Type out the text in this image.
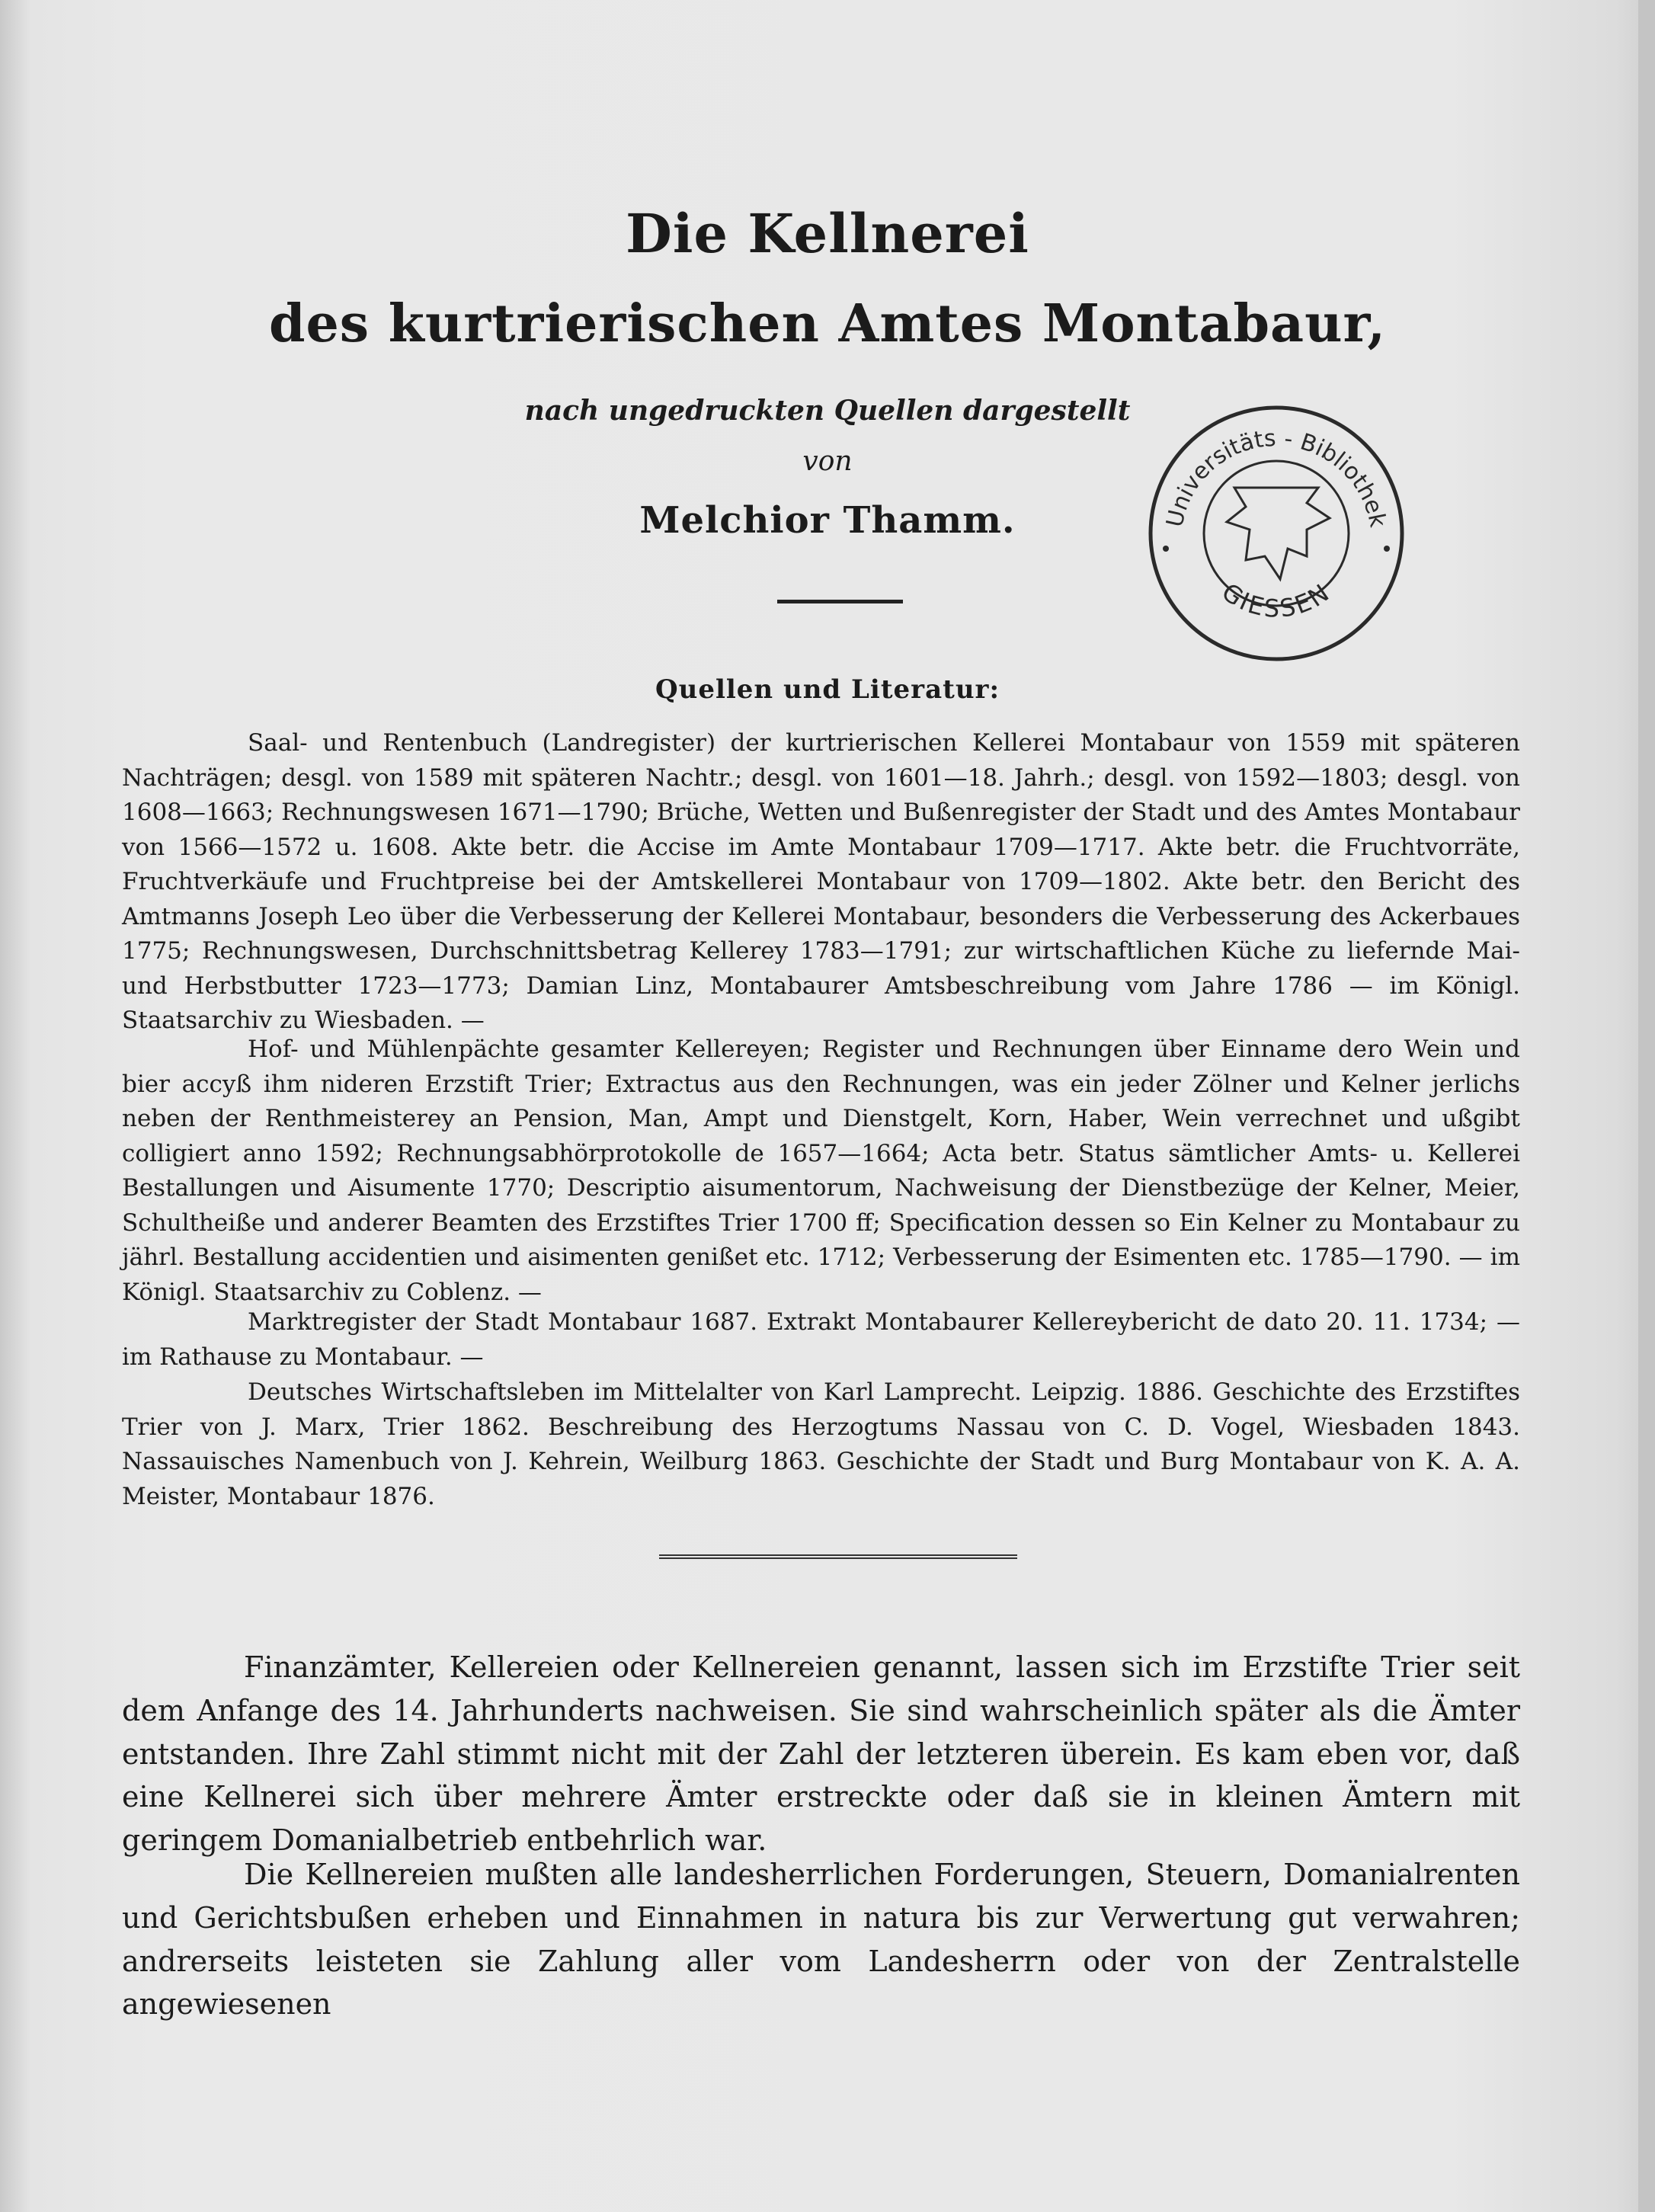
Die Kellnerei
des kurtrierischen Amtes Montabaur,
nach ungedruckten Quellen dargestellt
von
Melchior Thamm.	Universitäts - Bibliothek
GIESSEN
Quellen und Literatur:

Saal- und Rentenbuch (Landregister) der kurtrierischen Kellerei Montabaur von 1559 mit späteren Nachträgen; desgl. von 1589 mit späteren Nachtr.; desgl. von 1601—18. Jahrh.; desgl. von 1592—1803; desgl. von 1608—1663; Rechnungswesen 1671—1790; Brüche, Wetten und Bußenregister der Stadt und des Amtes Montabaur von 1566—1572 u. 1608. Akte betr. die Accise im Amte Montabaur 1709—1717. Akte betr. die Fruchtvorräte, Fruchtverkäufe und Fruchtpreise bei der Amtskellerei Montabaur von 1709—1802. Akte betr. den Bericht des Amtmanns Joseph Leo über die Verbesserung der Kellerei Montabaur, besonders die Verbesserung des Ackerbaues 1775; Rechnungswesen, Durchschnittsbetrag Kellerey 1783—1791; zur wirtschaftlichen Küche zu liefernde Mai- und Herbstbutter 1723—1773; Damian Linz, Montabaurer Amtsbeschreibung vom Jahre 1786 — im Königl. Staatsarchiv zu Wiesbaden. —

Hof- und Mühlenpächte gesamter Kellereyen; Register und Rechnungen über Einname dero Wein und bier accyß ihm nideren Erzstift Trier; Extractus aus den Rechnungen, was ein jeder Zölner und Kelner jerlichs neben der Renthmeisterey an Pension, Man, Ampt und Dienstgelt, Korn, Haber, Wein verrechnet und ußgibt colligiert anno 1592; Rechnungsabhörprotokolle de 1657—1664; Acta betr. Status sämtlicher Amts- u. Kellerei Bestallungen und Aisumente 1770; Descriptio aisumentorum, Nachweisung der Dienstbezüge der Kelner, Meier, Schultheiße und anderer Beamten des Erzstiftes Trier 1700 ff; Specification dessen so Ein Kelner zu Montabaur zu jährl. Bestallung accidentien und aisimenten genißet etc. 1712; Verbesserung der Esimenten etc. 1785—1790. — im Königl. Staatsarchiv zu Coblenz. —

Marktregister der Stadt Montabaur 1687. Extrakt Montabaurer Kellereybericht de dato 20. 11. 1734; — im Rathause zu Montabaur. —

Deutsches Wirtschaftsleben im Mittelalter von Karl Lamprecht. Leipzig. 1886. Geschichte des Erzstiftes Trier von J. Marx, Trier 1862. Beschreibung des Herzogtums Nassau von C. D. Vogel, Wiesbaden 1843. Nassauisches Namenbuch von J. Kehrein, Weilburg 1863. Geschichte der Stadt und Burg Montabaur von K. A. A. Meister, Montabaur 1876.

Finanzämter, Kellereien oder Kellnereien genannt, lassen sich im Erzstifte Trier seit dem Anfange des 14. Jahrhunderts nachweisen. Sie sind wahrscheinlich später als die Ämter entstanden. Ihre Zahl stimmt nicht mit der Zahl der letzteren überein. Es kam eben vor, daß eine Kellnerei sich über mehrere Ämter erstreckte oder daß sie in kleinen Ämtern mit geringem Domanialbetrieb entbehrlich war.

Die Kellnereien mußten alle landesherrlichen Forderungen, Steuern, Domanialrenten und Gerichtsbußen erheben und Einnahmen in natura bis zur Verwertung gut verwahren; andrerseits leisteten sie Zahlung aller vom Landesherrn oder von der Zentralstelle angewiesenen
